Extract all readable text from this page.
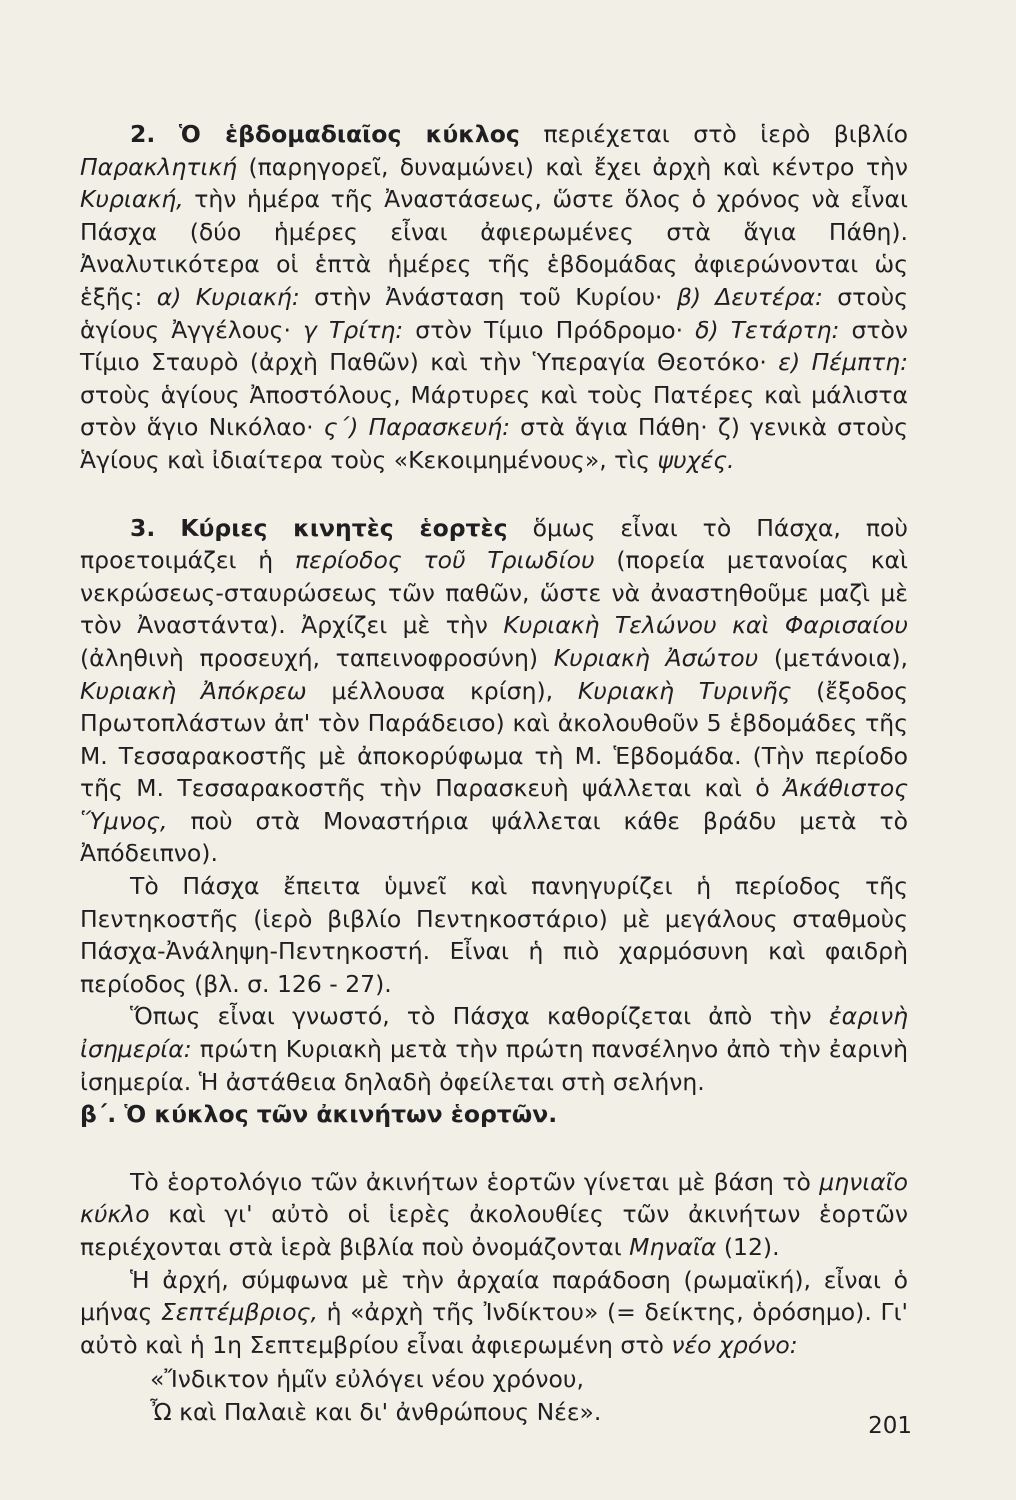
2. Ὁ ἑβδομαδιαῖος κύκλος περιέχεται στὸ ἱερὸ βιβλίο Παρακλητική (παρηγορεῖ, δυναμώνει) καὶ ἔχει ἀρχὴ καὶ κέντρο τὴν Κυριακή, τὴν ἡμέρα τῆς Ἀναστάσεως, ὥστε ὅλος ὁ χρόνος νὰ εἶναι Πάσχα (δύο ἡμέρες εἶναι ἀφιερωμένες στὰ ἅγια Πάθη). Ἀναλυτικότερα οἱ ἑπτὰ ἡμέρες τῆς ἑβδομάδας ἀφιερώνονται ὡς ἑξῆς: α) Κυριακή: στὴν Ἀνάσταση τοῦ Κυρίου· β) Δευτέρα: στοὺς ἁγίους Ἀγγέλους· γ Τρίτη: στὸν Τίμιο Πρόδρομο· δ) Τετάρτη: στὸν Τίμιο Σταυρὸ (ἀρχὴ Παθῶν) καὶ τὴν Ὑπεραγία Θεοτόκο· ε) Πέμπτη: στοὺς ἁγίους Ἀποστόλους, Μάρτυρες καὶ τοὺς Πατέρες καὶ μάλιστα στὸν ἅγιο Νικόλαο· ς΄) Παρασκευή: στὰ ἅγια Πάθη· ζ) γενικὰ στοὺς Ἁγίους καὶ ἰδιαίτερα τοὺς «Κεκοιμημένους», τὶς ψυχές.

3. Κύριες κινητὲς ἑορτὲς ὅμως εἶναι τὸ Πάσχα, ποὺ προετοιμάζει ἡ περίοδος τοῦ Τριωδίου (πορεία μετανοίας καὶ νεκρώσεως-σταυρώσεως τῶν παθῶν, ὥστε νὰ ἀναστηθοῦμε μαζὶ μὲ τὸν Ἀναστάντα). Ἀρχίζει μὲ τὴν Κυριακὴ Τελώνου καὶ Φαρισαίου (ἀληθινὴ προσευχή, ταπεινοφροσύνη) Κυριακὴ Ἀσώτου (μετάνοια), Κυριακὴ Ἀπόκρεω μέλλουσα κρίση), Κυριακὴ Τυρινῆς (ἔξοδος Πρωτοπλάστων ἀπ' τὸν Παράδεισο) καὶ ἀκολουθοῦν 5 ἑβδομάδες τῆς Μ. Τεσσαρακοστῆς μὲ ἀποκορύφωμα τὴ Μ. Ἑβδομάδα. (Τὴν περίοδο τῆς Μ. Τεσσαρακοστῆς τὴν Παρασκευὴ ψάλλεται καὶ ὁ Ἀκάθιστος Ὕμνος, ποὺ στὰ Μοναστήρια ψάλλεται κάθε βράδυ μετὰ τὸ Ἀπόδειπνο).

Τὸ Πάσχα ἔπειτα ὑμνεῖ καὶ πανηγυρίζει ἡ περίοδος τῆς Πεντηκοστῆς (ἱερὸ βιβλίο Πεντηκοστάριο) μὲ μεγάλους σταθμοὺς Πάσχα-Ἀνάληψη-Πεντηκοστή. Εἶναι ἡ πιὸ χαρμόσυνη καὶ φαιδρὴ περίοδος (βλ. σ. 126 - 27).

Ὅπως εἶναι γνωστό, τὸ Πάσχα καθορίζεται ἀπὸ τὴν ἐαρινὴ ἰσημερία: πρώτη Κυριακὴ μετὰ τὴν πρώτη πανσέληνο ἀπὸ τὴν ἐαρινὴ ἰσημερία. Ἡ ἀστάθεια δηλαδὴ ὀφείλεται στὴ σελήνη.

β΄. Ὁ κύκλος τῶν ἀκινήτων ἑορτῶν.

Τὸ ἑορτολόγιο τῶν ἀκινήτων ἑορτῶν γίνεται μὲ βάση τὸ μηνιαῖο κύκλο καὶ γι' αὐτὸ οἱ ἱερὲς ἀκολουθίες τῶν ἀκινήτων ἑορτῶν περιέχονται στὰ ἱερὰ βιβλία ποὺ ὀνομάζονται Μηναῖα (12).

Ἡ ἀρχή, σύμφωνα μὲ τὴν ἀρχαία παράδοση (ρωμαϊκή), εἶναι ὁ μήνας Σεπτέμβριος, ἡ «ἀρχὴ τῆς Ἰνδίκτου» (= δείκτης, ὁρόσημο). Γι' αὐτὸ καὶ ἡ 1η Σεπτεμβρίου εἶναι ἀφιερωμένη στὸ νέο χρόνο:

«Ἴνδικτον ἡμῖν εὐλόγει νέου χρόνου,

Ὦ καὶ Παλαιὲ και δι' ἀνθρώπους Νέε».

201
